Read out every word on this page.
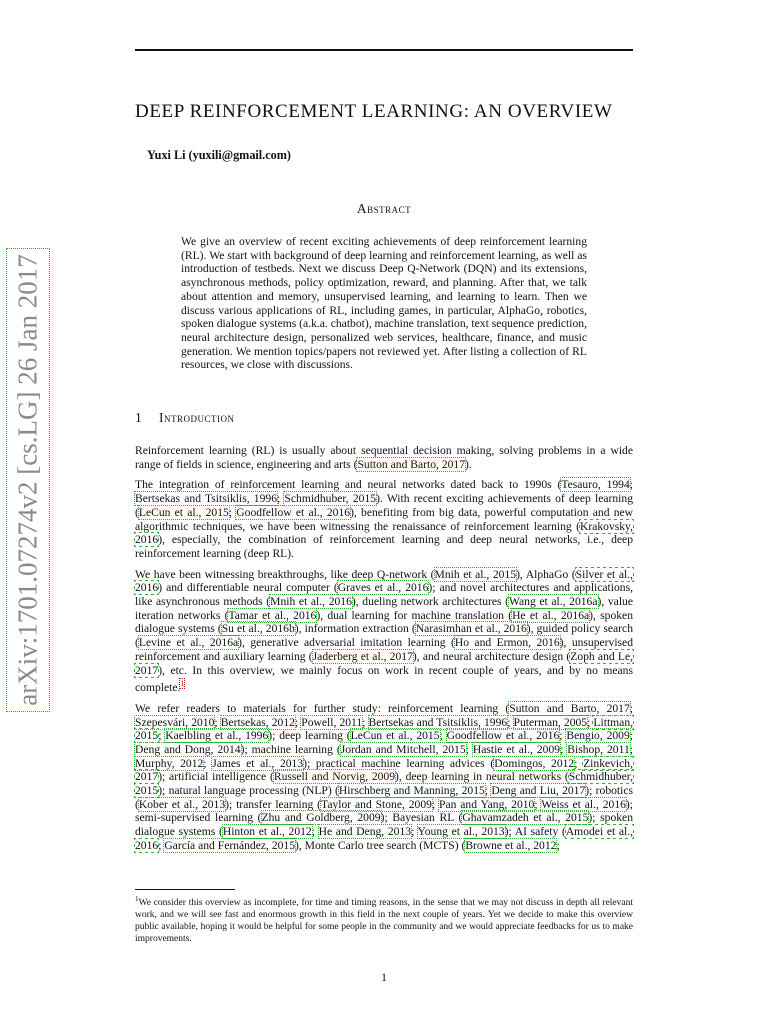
arXiv:1701.07274v2 [cs.LG] 26 Jan 2017
DEEP REINFORCEMENT LEARNING: AN OVERVIEW
Yuxi Li (yuxili@gmail.com)
Abstract
We give an overview of recent exciting achievements of deep reinforcement learning (RL). We start with background of deep learning and reinforcement learning, as well as introduction of testbeds. Next we discuss Deep Q-Network (DQN) and its extensions, asynchronous methods, policy optimization, reward, and planning. After that, we talk about attention and memory, unsupervised learning, and learning to learn. Then we discuss various applications of RL, including games, in particular, AlphaGo, robotics, spoken dialogue systems (a.k.a. chatbot), machine translation, text sequence prediction, neural architecture design, personalized web services, healthcare, finance, and music generation. We mention topics/papers not reviewed yet. After listing a collection of RL resources, we close with discussions.
1 Introduction

Reinforcement learning (RL) is usually about sequential decision making, solving problems in a wide range of fields in science, engineering and arts (Sutton and Barto, 2017).

The integration of reinforcement learning and neural networks dated back to 1990s (Tesauro, 1994; Bertsekas and Tsitsiklis, 1996; Schmidhuber, 2015). With recent exciting achievements of deep learning (LeCun et al., 2015; Goodfellow et al., 2016), benefiting from big data, powerful computation and new algorithmic techniques, we have been witnessing the renaissance of reinforcement learning (Krakovsky, 2016), especially, the combination of reinforcement learning and deep neural networks, i.e., deep reinforcement learning (deep RL).

We have been witnessing breakthroughs, like deep Q-network (Mnih et al., 2015), AlphaGo (Silver et al., 2016) and differentiable neural computer (Graves et al., 2016); and novel architectures and applications, like asynchronous methods (Mnih et al., 2016), dueling network architectures (Wang et al., 2016a), value iteration networks (Tamar et al., 2016), dual learning for machine translation (He et al., 2016a), spoken dialogue systems (Su et al., 2016b), information extraction (Narasimhan et al., 2016), guided policy search (Levine et al., 2016a), generative adversarial imitation learning (Ho and Ermon, 2016), unsupervised reinforcement and auxiliary learning (Jaderberg et al., 2017), and neural architecture design (Zoph and Le, 2017), etc. In this overview, we mainly focus on work in recent couple of years, and by no means complete.$^1$

We refer readers to materials for further study: reinforcement learning (Sutton and Barto, 2017; Szepesvári, 2010; Bertsekas, 2012; Powell, 2011; Bertsekas and Tsitsiklis, 1996; Puterman, 2005; Littman, 2015; Kaelbling et al., 1996); deep learning (LeCun et al., 2015; Goodfellow et al., 2016; Bengio, 2009; Deng and Dong, 2014); machine learning (Jordan and Mitchell, 2015; Hastie et al., 2009; Bishop, 2011; Murphy, 2012; James et al., 2013); practical machine learning advices (Domingos, 2012; Zinkevich, 2017); artificial intelligence (Russell and Norvig, 2009), deep learning in neural networks (Schmidhuber, 2015); natural language processing (NLP) (Hirschberg and Manning, 2015; Deng and Liu, 2017); robotics (Kober et al., 2013); transfer learning (Taylor and Stone, 2009; Pan and Yang, 2010; Weiss et al., 2016); semi-supervised learning (Zhu and Goldberg, 2009); Bayesian RL (Ghavamzadeh et al., 2015); spoken dialogue systems (Hinton et al., 2012; He and Deng, 2013; Young et al., 2013); AI safety (Amodei et al., 2016; García and Fernández, 2015), Monte Carlo tree search (MCTS) (Browne et al., 2012;

$^1$We consider this overview as incomplete, for time and timing reasons, in the sense that we may not discuss in depth all relevant work, and we will see fast and enormous growth in this field in the next couple of years. Yet we decide to make this overview public available, hoping it would be helpful for some people in the community and we would appreciate feedbacks for us to make improvements.
1
